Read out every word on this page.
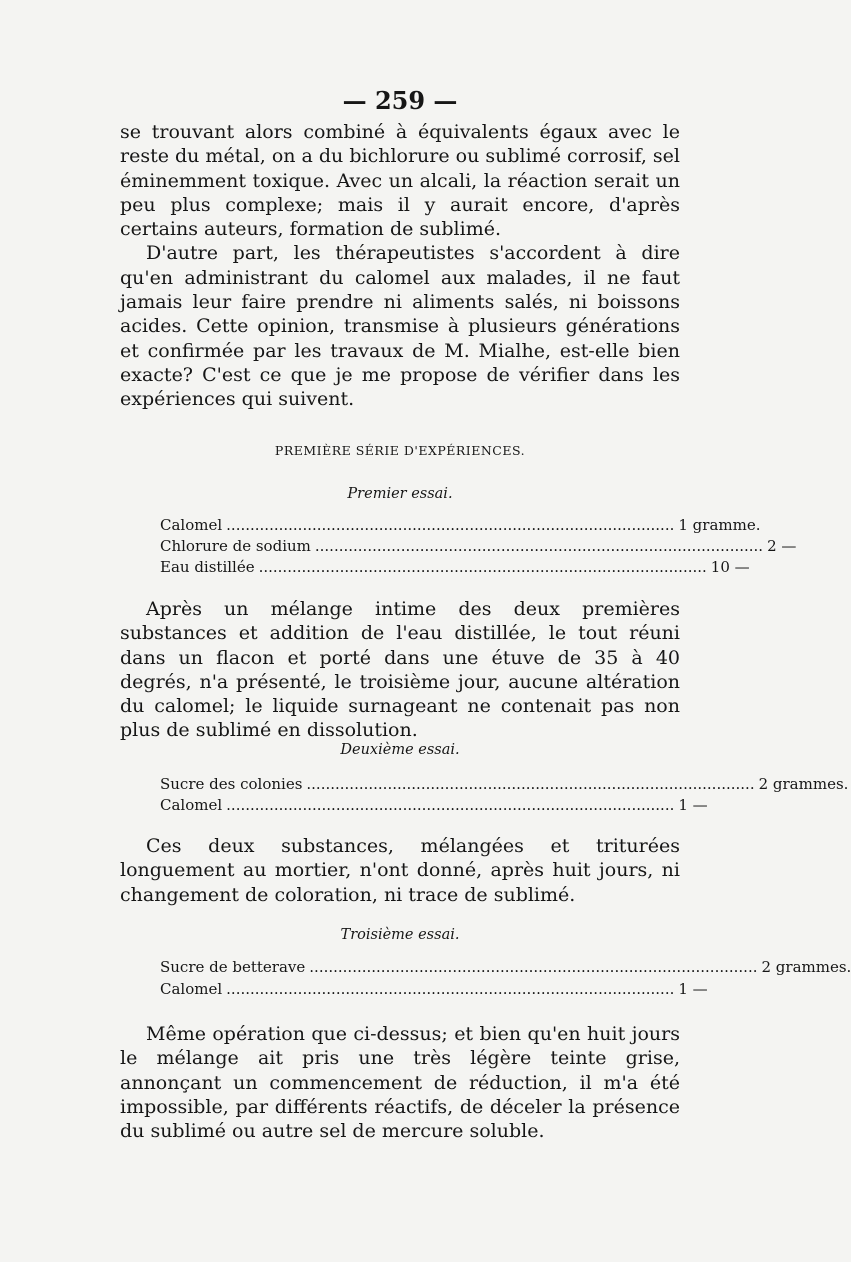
— 259 —

se trouvant alors combiné à équivalents égaux avec le reste du métal, on a du bichlorure ou sublimé corrosif, sel éminemment toxique. Avec un alcali, la réaction serait un peu plus complexe; mais il y aurait encore, d'après certains auteurs, formation de sublimé.

D'autre part, les thérapeutistes s'accordent à dire qu'en administrant du calomel aux malades, il ne faut jamais leur faire prendre ni aliments salés, ni boissons acides. Cette opinion, transmise à plusieurs générations et confirmée par les travaux de M. Mialhe, est-elle bien exacte? C'est ce que je me propose de vérifier dans les expériences qui suivent.

PREMIÈRE SÉRIE D'EXPÉRIENCES.
Premier essai.
Calomel .............................................................................................. 1 gramme.
Chlorure de sodium .............................................................................................. 2 —
Eau distillée .............................................................................................. 10 —

Après un mélange intime des deux premières substances et addition de l'eau distillée, le tout réuni dans un flacon et porté dans une étuve de 35 à 40 degrés, n'a présenté, le troisième jour, aucune altération du calomel; le liquide surnageant ne contenait pas non plus de sublimé en dissolution.

Deuxième essai.
Sucre des colonies .............................................................................................. 2 grammes.
Calomel .............................................................................................. 1 —

Ces deux substances, mélangées et triturées longuement au mortier, n'ont donné, après huit jours, ni changement de coloration, ni trace de sublimé.

Troisième essai.
Sucre de betterave .............................................................................................. 2 grammes.
Calomel .............................................................................................. 1 —

Même opération que ci-dessus; et bien qu'en huit jours le mélange ait pris une très légère teinte grise, annonçant un commencement de réduction, il m'a été impossible, par différents réactifs, de déceler la présence du sublimé ou autre sel de mercure soluble.
